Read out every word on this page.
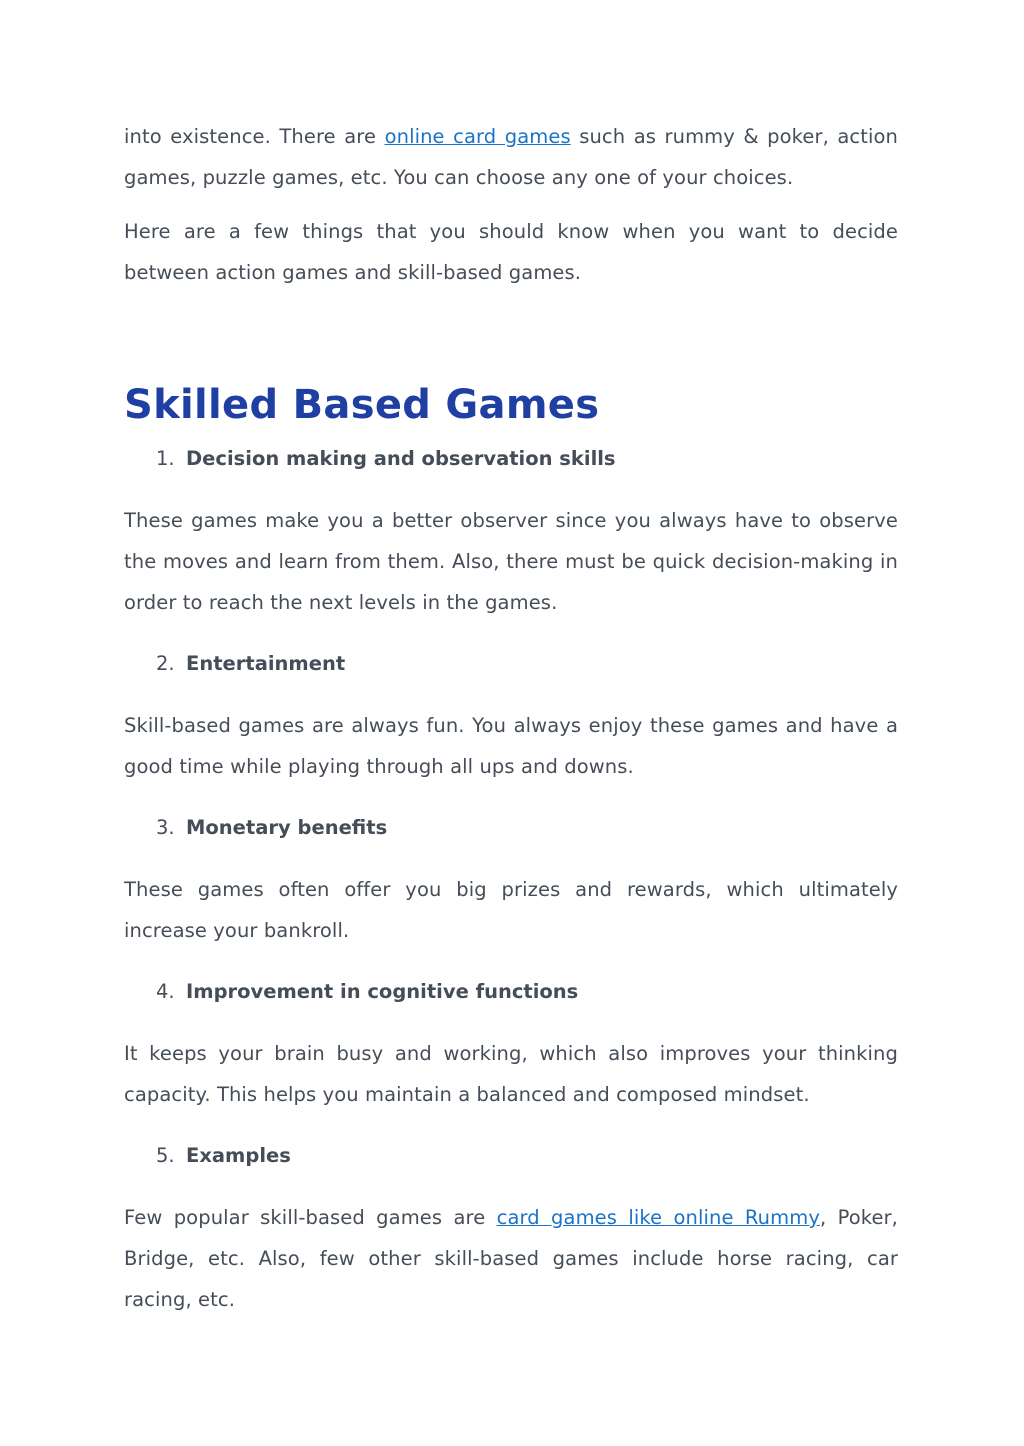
into existence. There are online card games such as rummy & poker, action games, puzzle games, etc. You can choose any one of your choices.

Here are a few things that you should know when you want to decide between action games and skill-based games.

Skilled Based Games
1. Decision making and observation skills

These games make you a better observer since you always have to observe the moves and learn from them. Also, there must be quick decision-making in order to reach the next levels in the games.

2. Entertainment

Skill-based games are always fun. You always enjoy these games and have a good time while playing through all ups and downs.

3. Monetary benefits

These games often offer you big prizes and rewards, which ultimately increase your bankroll.

4. Improvement in cognitive functions

It keeps your brain busy and working, which also improves your thinking capacity. This helps you maintain a balanced and composed mindset.

5. Examples

Few popular skill-based games are card games like online Rummy, Poker, Bridge, etc. Also, few other skill-based games include horse racing, car racing, etc.
